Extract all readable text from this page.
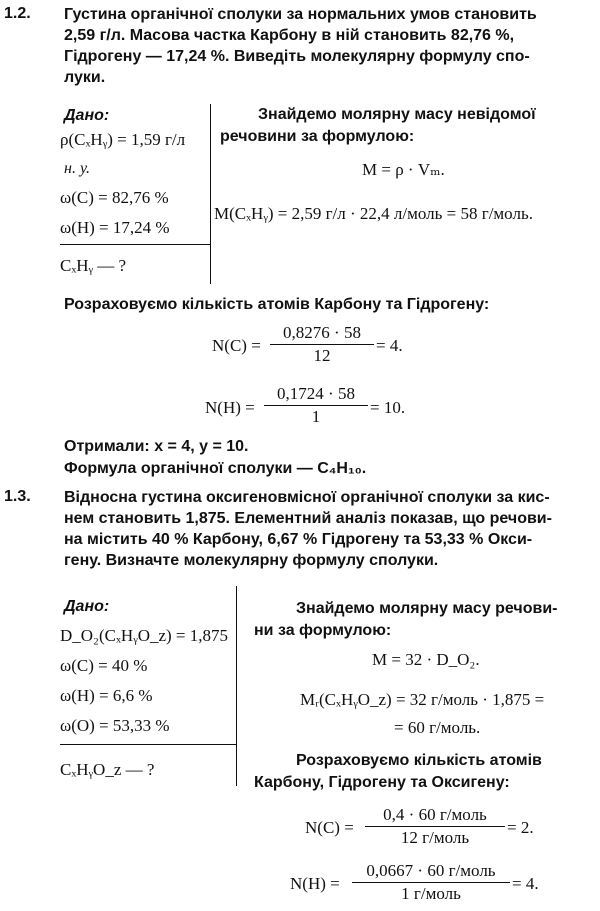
1.2. Густина органічної сполуки за нормальних умов становить
2,59 г/л. Масова частка Карбону в ній становить 82,76 %,
Гідрогену — 17,24 %. Виведіть молекулярну формулу спо-
луки.
Дано:
ρ(CₓHᵧ) = 1,59 г/л
н. у.
ω(C) = 82,76 %
ω(H) = 17,24 %
CₓHᵧ — ?
Знайдемо молярну масу невідомої
речовини за формулою:
M = ρ · Vₘ.
M(CₓHᵧ) = 2,59 г/л · 22,4 л/моль = 58 г/моль.
Розраховуємо кількість атомів Карбону та Гідрогену:
$N(C) = \frac{0,8276 \cdot 58}{12} = 4$.
$N(H) = \frac{0,1724 \cdot 58}{1} = 10$.
Отримали: x = 4, y = 10.
Формула органічної сполуки — C₄H₁₀.
1.3. Відносна густина оксигеновмісної органічної сполуки за кис-
нем становить 1,875. Елементний аналіз показав, що речови-
на містить 40 % Карбону, 6,67 % Гідрогену та 53,33 % Окси-
гену. Визначте молекулярну формулу сполуки.
Дано:
D_O₂(CₓHᵧO_z) = 1,875
ω(C) = 40 %
ω(H) = 6,6 %
ω(O) = 53,33 %
CₓHᵧO_z — ?
Знайдемо молярну масу речови-
ни за формулою:
M = 32 · D_O₂.
Mᵣ(CₓHᵧO_z) = 32 г/моль · 1,875 =
= 60 г/моль.
Розраховуємо кількість атомів
Карбону, Гідрогену та Оксигену:
N(C) =
0,4 · 60 г/моль
12 г/моль
= 2.
N(H) =
0,0667 · 60 г/моль
1 г/моль
= 4.
